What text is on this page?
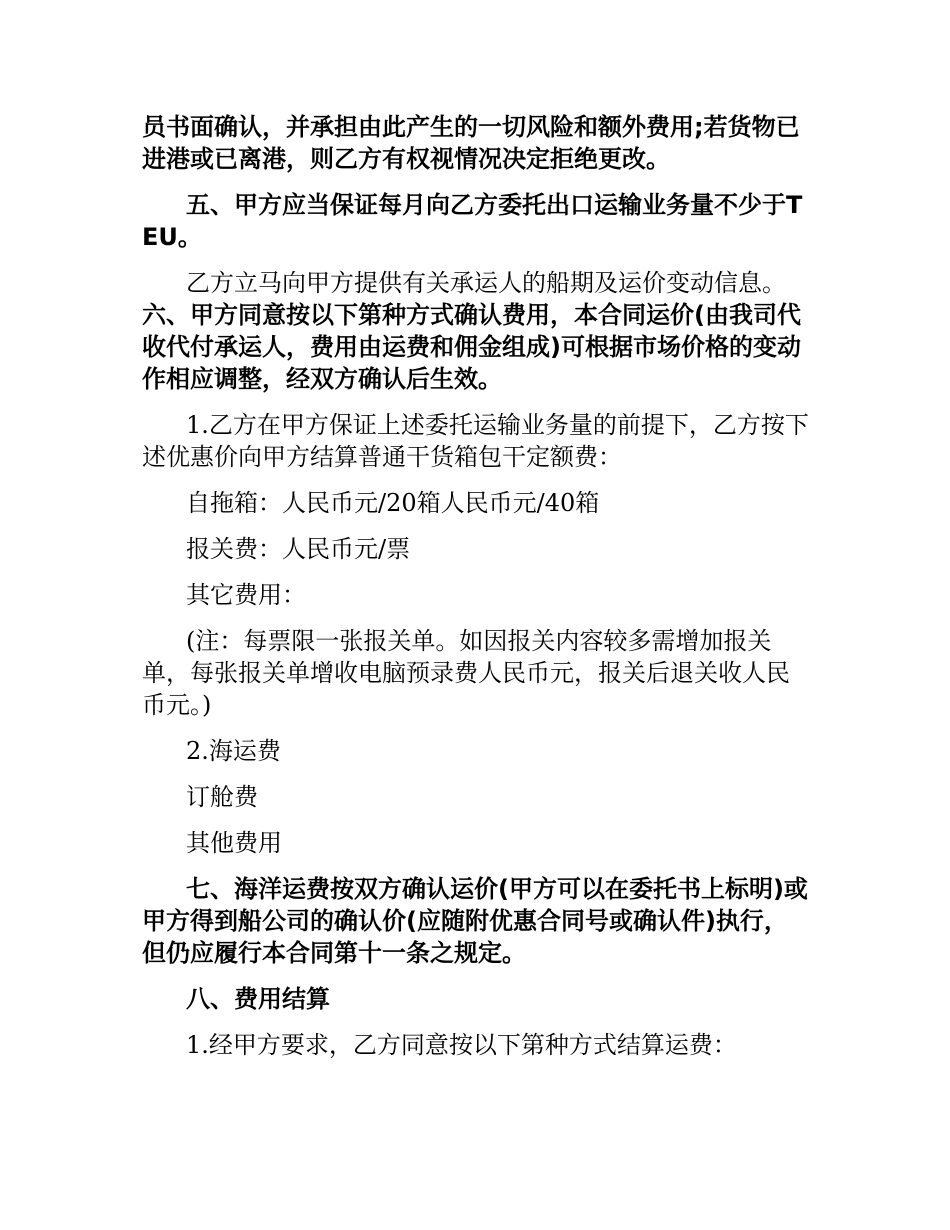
员书面确认，并承担由此产生的一切风险和额外费用;若货物已进港或已离港，则乙方有权视情况决定拒绝更改。

五、甲方应当保证每月向乙方委托出口运输业务量不少于TEU。

乙方立马向甲方提供有关承运人的船期及运价变动信息。

六、甲方同意按以下第种方式确认费用，本合同运价(由我司代收代付承运人，费用由运费和佣金组成)可根据市场价格的变动作相应调整，经双方确认后生效。

1.乙方在甲方保证上述委托运输业务量的前提下，乙方按下述优惠价向甲方结算普通干货箱包干定额费：

自拖箱：人民币元/20箱人民币元/40箱

报关费：人民币元/票

其它费用：

(注：每票限一张报关单。如因报关内容较多需增加报关单，每张报关单增收电脑预录费人民币元，报关后退关收人民币元。)

2.海运费

订舱费

其他费用

七、海洋运费按双方确认运价(甲方可以在委托书上标明)或甲方得到船公司的确认价(应随附优惠合同号或确认件)执行，但仍应履行本合同第十一条之规定。

八、费用结算

1.经甲方要求，乙方同意按以下第种方式结算运费：
